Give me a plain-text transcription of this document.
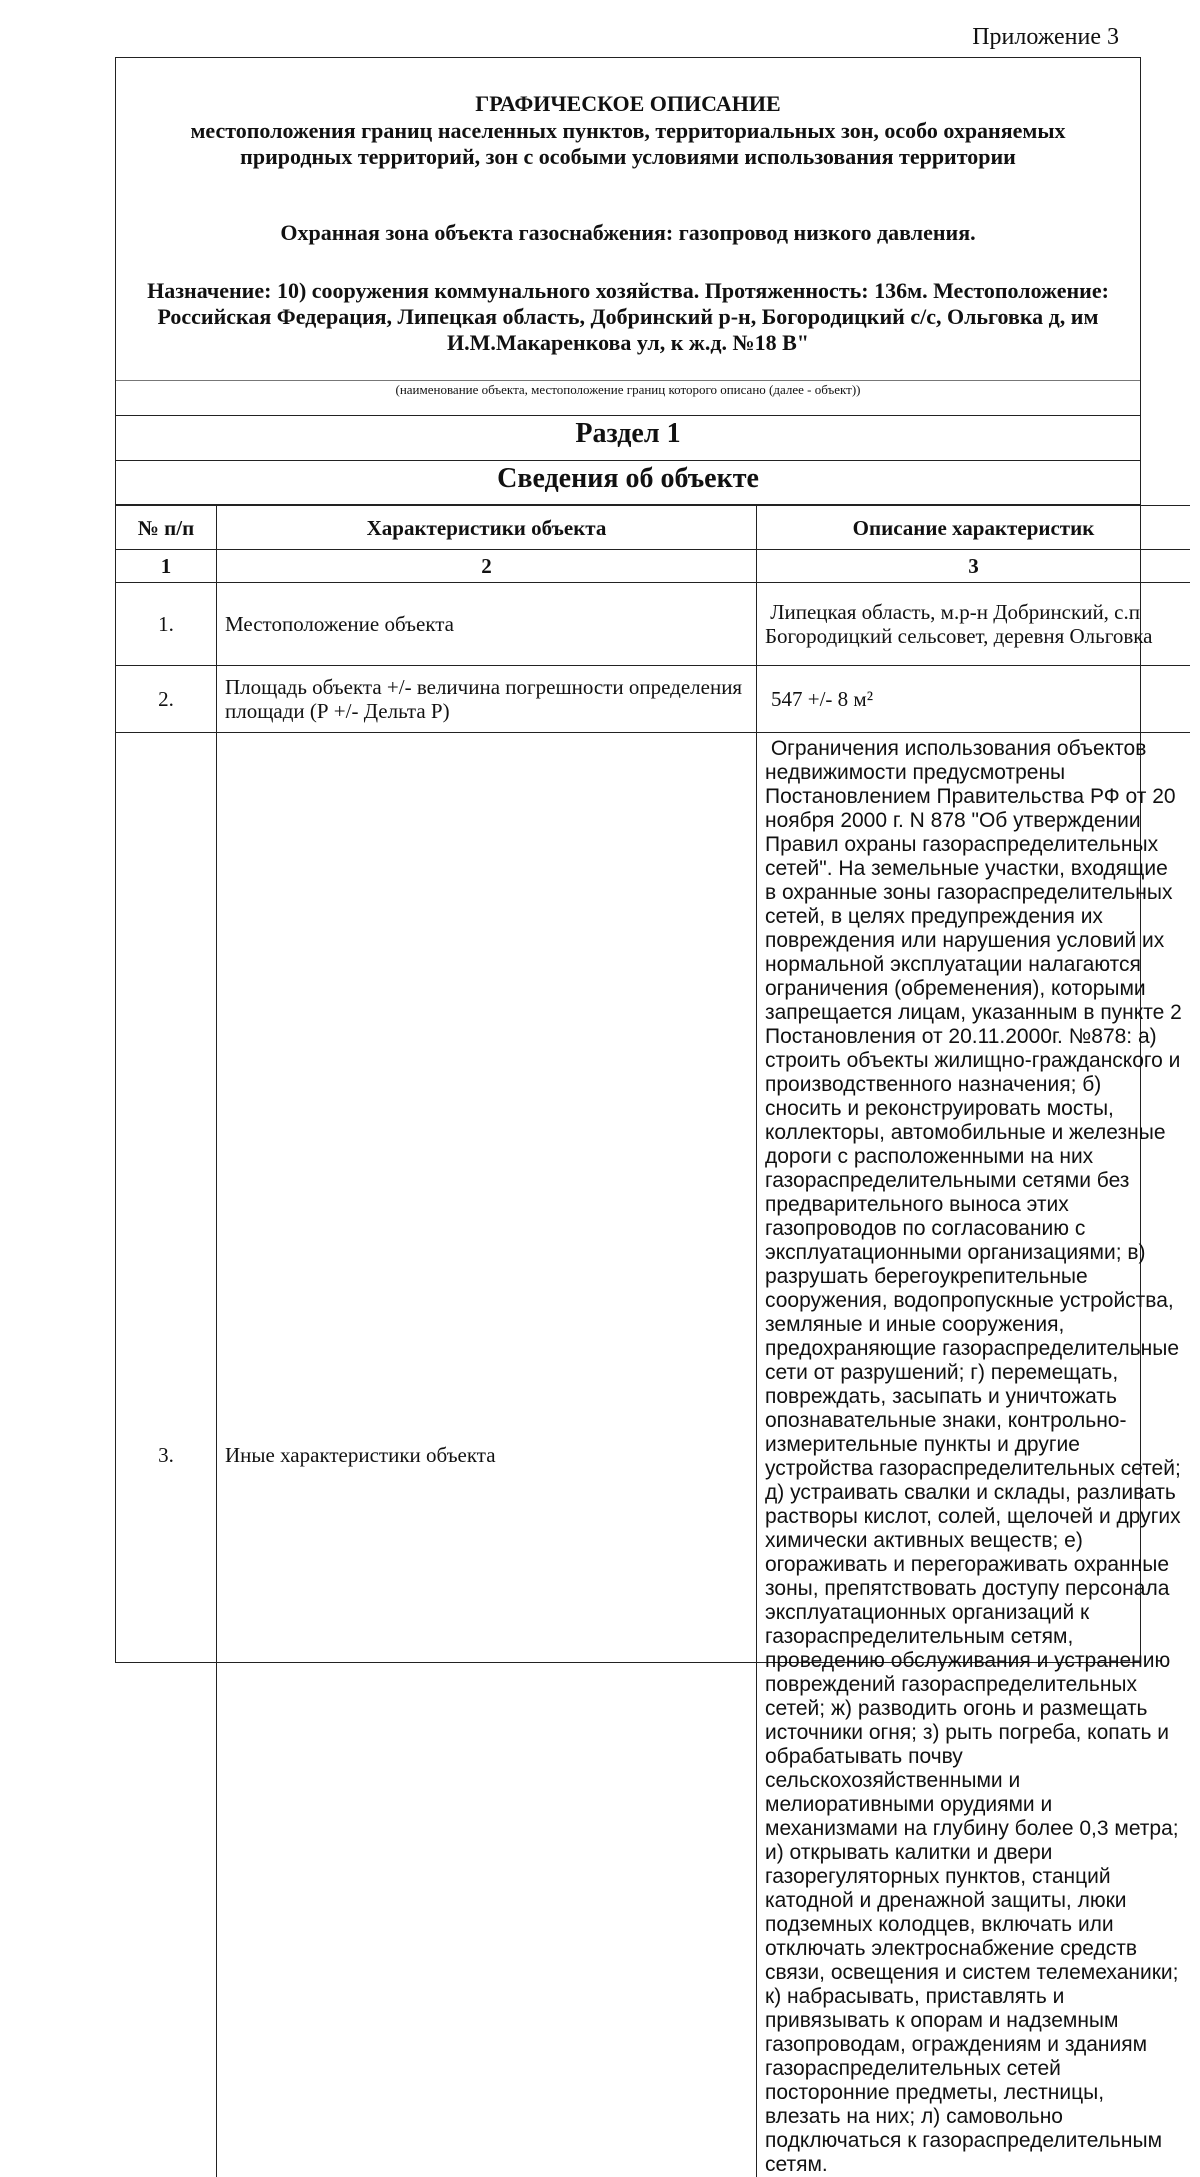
Приложение 3
ГРАФИЧЕСКОЕ ОПИСАНИЕ
местоположения границ населенных пунктов, территориальных зон, особо охраняемых природных территорий, зон с особыми условиями использования территории
Охранная зона объекта газоснабжения: газопровод низкого давления.
Назначение: 10) сооружения коммунального хозяйства. Протяженность: 136м. Местоположение: Российская Федерация, Липецкая область, Добринский р-н, Богородицкий с/с, Ольговка д, им И.М.Макаренкова ул, к ж.д. №18 В"
(наименование объекта, местоположение границ которого описано (далее - объект))
Раздел 1
Сведения об объекте
№ п/п	Характеристики объекта	Описание характеристик
1	2	3
1.	Местоположение объекта	Липецкая область, м.р-н Добринский, с.п Богородицкий сельсовет, деревня Ольговка
2.	Площадь объекта +/- величина погрешности определения площади (Р +/- Дельта Р)	547 +/- 8 м²
3.	Иные характеристики объекта	Ограничения использования объектов недвижимости предусмотрены Постановлением Правительства РФ от 20 ноября 2000 г. N 878 "Об утверждении Правил охраны газораспределительных сетей". На земельные участки, входящие в охранные зоны газораспределительных сетей, в целях предупреждения их повреждения или нарушения условий их нормальной эксплуатации налагаются ограничения (обременения), которыми запрещается лицам, указанным в пункте 2 Постановления от 20.11.2000г. №878: а) строить объекты жилищно-гражданского и производственного назначения; б) сносить и реконструировать мосты, коллекторы, автомобильные и железные дороги с расположенными на них газораспределительными сетями без предварительного выноса этих газопроводов по согласованию с эксплуатационными организациями; в) разрушать берегоукрепительные сооружения, водопропускные устройства, земляные и иные сооружения, предохраняющие газораспределительные сети от разрушений; г) перемещать, повреждать, засыпать и уничтожать опознавательные знаки, контрольно-измерительные пункты и другие устройства газораспределительных сетей; д) устраивать свалки и склады, разливать растворы кислот, солей, щелочей и других химически активных веществ; е) огораживать и перегораживать охранные зоны, препятствовать доступу персонала эксплуатационных организаций к газораспределительным сетям, проведению обслуживания и устранению повреждений газораспределительных сетей; ж) разводить огонь и размещать источники огня; з) рыть погреба, копать и обрабатывать почву сельскохозяйственными и мелиоративными орудиями и механизмами на глубину более 0,3 метра; и) открывать калитки и двери газорегуляторных пунктов, станций катодной и дренажной защиты, люки подземных колодцев, включать или отключать электроснабжение средств связи, освещения и систем телемеханики; к) набрасывать, приставлять и привязывать к опорам и надземным газопроводам, ограждениям и зданиям газораспределительных сетей посторонние предметы, лестницы, влезать на них; л) самовольно подключаться к газораспределительным сетям.
